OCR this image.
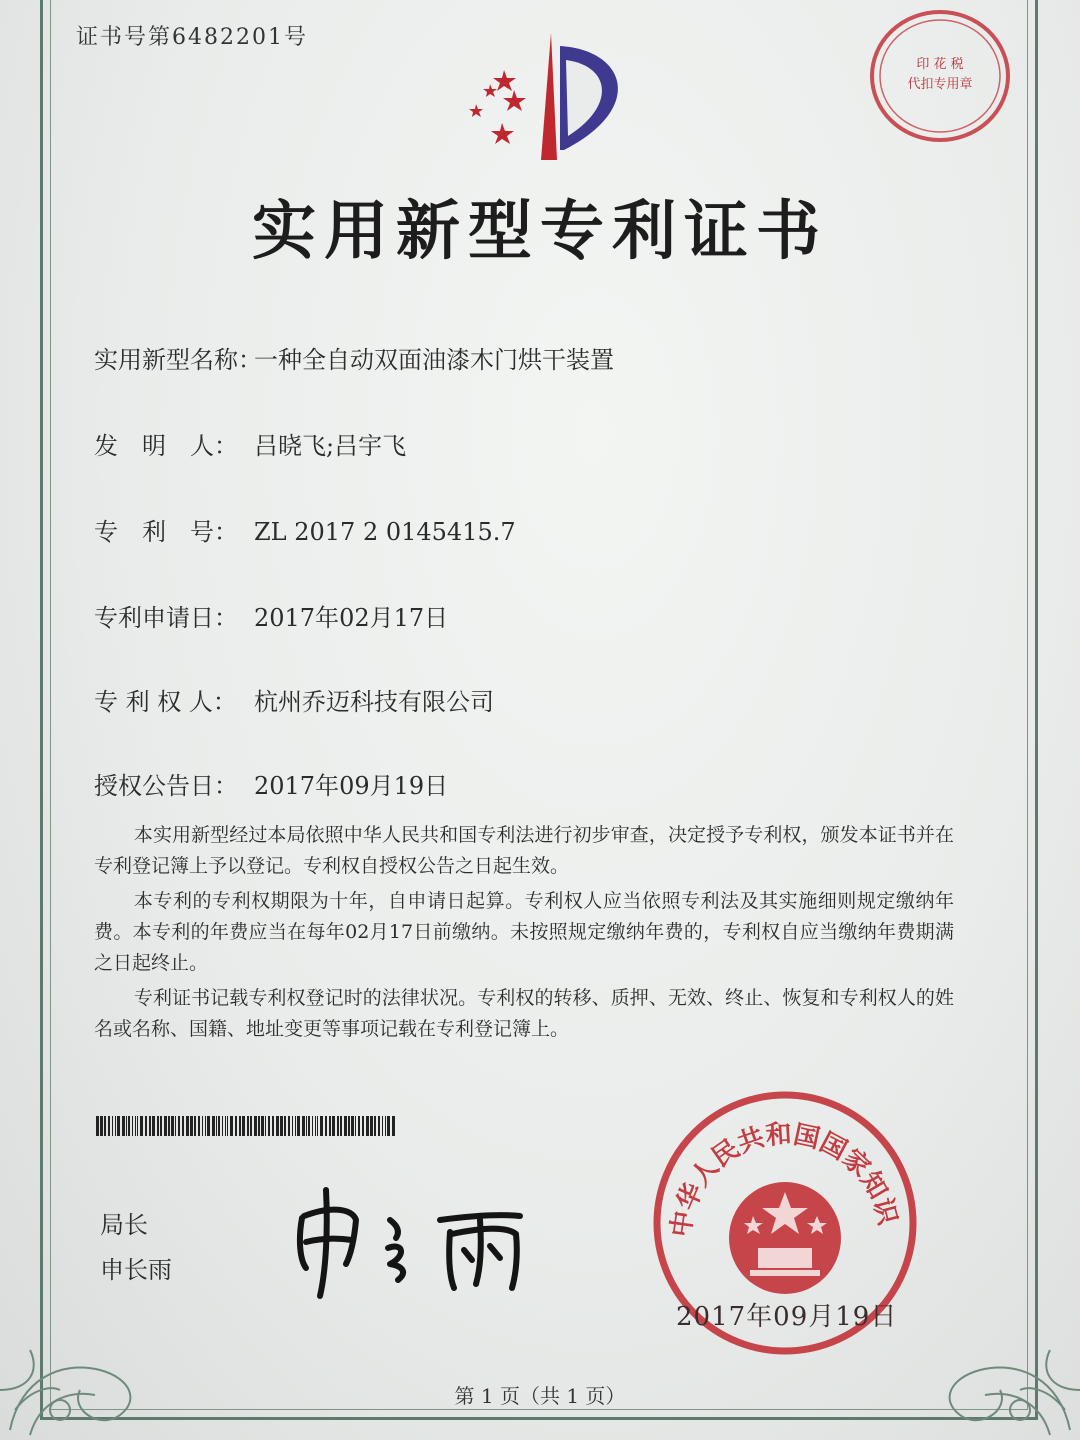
证书号第6482201号
印 花 税
代扣专用章
实用新型专利证书
实用新型名称：一种全自动双面油漆木门烘干装置
发　明　人： 吕晓飞;吕宇飞
专　利　号： ZL 2017 2 0145415.7
专利申请日： 2017年02月17日
专 利 权 人： 杭州乔迈科技有限公司
授权公告日： 2017年09月19日

本实用新型经过本局依照中华人民共和国专利法进行初步审查，决定授予专利权，颁发本证书并在专利登记簿上予以登记。专利权自授权公告之日起生效。

本专利的专利权期限为十年，自申请日起算。专利权人应当依照专利法及其实施细则规定缴纳年费。本专利的年费应当在每年02月17日前缴纳。未按照规定缴纳年费的，专利权自应当缴纳年费期满之日起终止。

专利证书记载专利权登记时的法律状况。专利权的转移、质押、无效、终止、恢复和专利权人的姓名或名称、国籍、地址变更等事项记载在专利登记簿上。

局长
申长雨
中华人民共和国国家知识
2017年09月19日
第 1 页（共 1 页）
